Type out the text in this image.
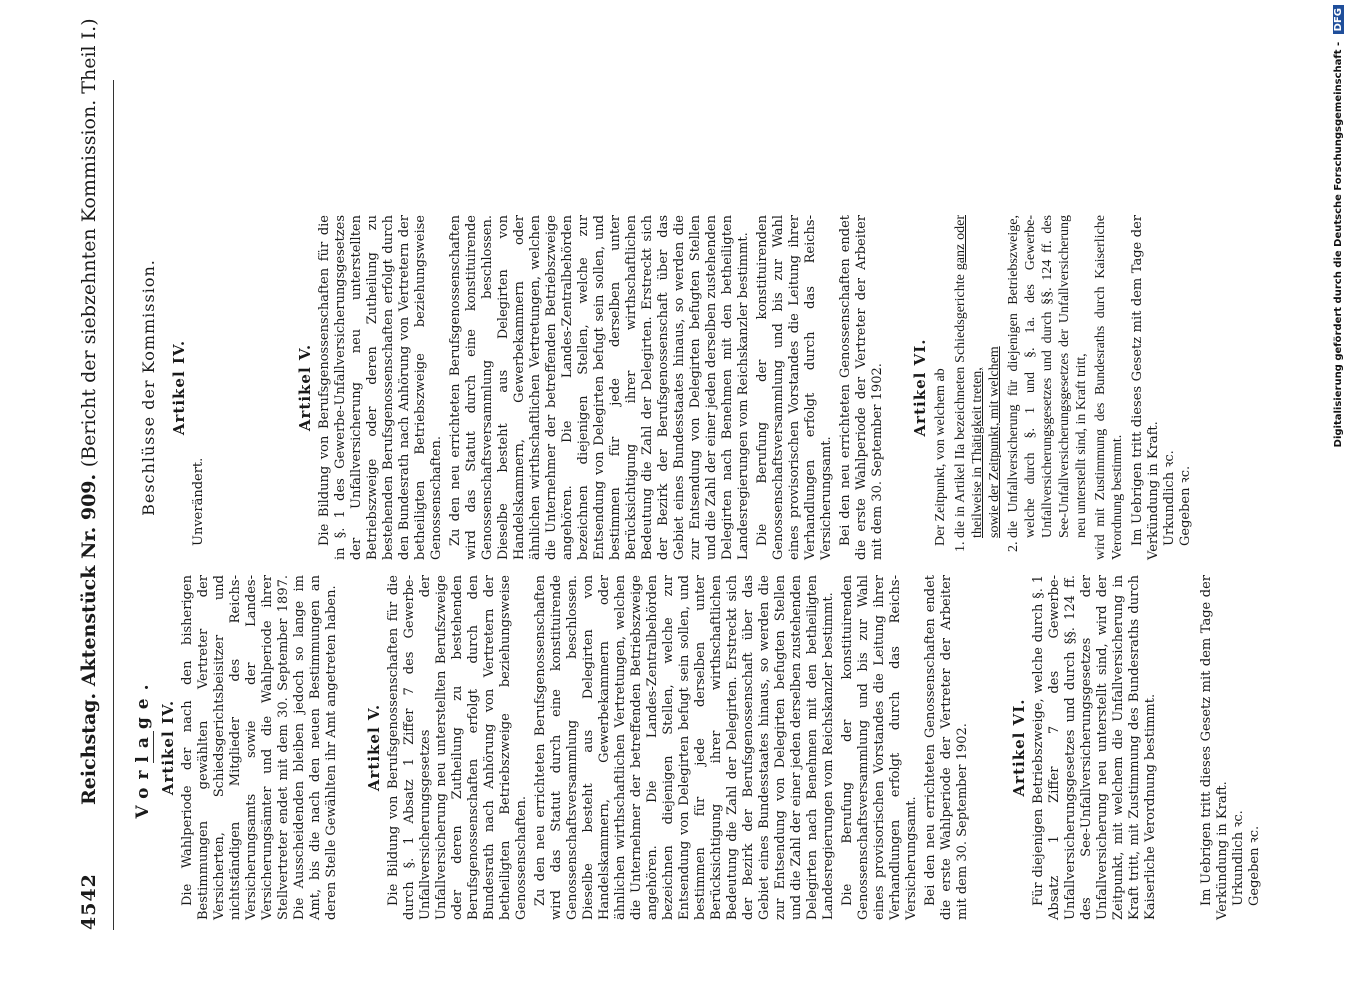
4542
Reichstag. Aktenstück Nr. 909. (Bericht der siebzehnten Kommission. Theil I.)
Vorlage. Artikel IV. Die Wahlperiode der nach den bisherigen Bestimmungen gewählten Vertreter der Versicherten, Schiedsgerichtsbeisitzer und nichtständigen Mitglieder des Reichs-Versicherungsamts sowie der Landes-Versicherungsämter und die Wahlperiode ihrer Stellvertreter endet mit dem 30. September 1897. Die Ausscheidenden bleiben jedoch so lange im Amt, bis die nach den neuen Bestimmungen an deren Stelle Gewählten ihr Amt angetreten haben. Artikel V. Die Bildung von Berufsgenossenschaften für die durch §. 1 Absatz 1 Ziffer 7 des Gewerbe-Unfallversicherungsgesetzes der Unfallversicherung neu unterstellten Berufszweige oder deren Zutheilung zu bestehenden Berufsgenossenschaften erfolgt durch den Bundesrath nach Anhörung von Vertretern der betheiligten Betriebszweige beziehungsweise Genossenschaften. Zu den neu errichteten Berufsgenossenschaften wird das Statut durch eine konstituirende Genossenschaftsversammlung beschlossen. Dieselbe besteht aus Delegirten von Handelskammern, Gewerbekammern oder ähnlichen wirthschaftlichen Vertretungen, welchen die Unternehmer der betreffenden Betriebszweige angehören. Die Landes-Zentralbehörden bezeichnen diejenigen Stellen, welche zur Entsendung von Delegirten befugt sein sollen, und bestimmen für jede derselben unter Berücksichtigung ihrer wirthschaftlichen Bedeutung die Zahl der Delegirten. Erstreckt sich der Bezirk der Berufsgenossenschaft über das Gebiet eines Bundesstaates hinaus, so werden die zur Entsendung von Delegirten befugten Stellen und die Zahl der einer jeden derselben zustehenden Delegirten nach Benehmen mit den betheiligten Landesregierungen vom Reichskanzler bestimmt. Die Berufung der konstituirenden Genossenschaftsversammlung und bis zur Wahl eines provisorischen Vorstandes die Leitung ihrer Verhandlungen erfolgt durch das Reichs-Versicherungsamt. Bei den neu errichteten Genossenschaften endet die erste Wahlperiode der Vertreter der Arbeiter mit dem 30. September 1902.	Artikel VI. Für diejenigen Betriebszweige, welche durch §. 1 Absatz 1 Ziffer 7 des Gewerbe-Unfallversicherungsgesetzes und durch §§. 124 ff. des See-Unfallversicherungsgesetzes der Unfallversicherung neu unterstellt sind, wird der Zeitpunkt, mit welchem die Unfallversicherung in Kraft tritt, mit Zustimmung des Bundesraths durch Kaiserliche Verordnung bestimmt.	Im Uebrigen tritt dieses Gesetz mit dem Tage der Verkündung in Kraft. Urkundlich ꝛc. Gegeben ꝛc.

Beschlüsse der Kommission. Artikel IV.

Unverändert.

Artikel V. Die Bildung von Berufsgenossenschaften für die in §. 1 des Gewerbe-Unfallversicherungsgesetzes der Unfallversicherung neu unterstellten Betriebszweige oder deren Zutheilung zu bestehenden Berufsgenossenschaften erfolgt durch den Bundesrath nach Anhörung von Vertretern der betheiligten Betriebszweige beziehungsweise Genossenschaften. Zu den neu errichteten Berufsgenossenschaften wird das Statut durch eine konstituirende Genossenschaftsversammlung beschlossen. Dieselbe besteht aus Delegirten von Handelskammern, Gewerbekammern oder ähnlichen wirthschaftlichen Vertretungen, welchen die Unternehmer der betreffenden Betriebszweige angehören. Die Landes-Zentralbehörden bezeichnen diejenigen Stellen, welche zur Entsendung von Delegirten befugt sein sollen, und bestimmen für jede derselben unter Berücksichtigung ihrer wirthschaftlichen Bedeutung die Zahl der Delegirten. Erstreckt sich der Bezirk der Berufsgenossenschaft über das Gebiet eines Bundesstaates hinaus, so werden die zur Entsendung von Delegirten befugten Stellen und die Zahl der einer jeden derselben zustehenden Delegirten nach Benehmen mit den betheiligten Landesregierungen vom Reichskanzler bestimmt. Die Berufung der konstituirenden Genossenschaftsversammlung und bis zur Wahl eines provisorischen Vorstandes die Leitung ihrer Verhandlungen erfolgt durch das Reichs-Versicherungsamt. Bei den neu errichteten Genossenschaften endet die erste Wahlperiode der Vertreter der Arbeiter mit dem 30. September 1902. Artikel VI. Der Zeitpunkt, von welchem ab 1. die in Artikel IIa bezeichneten Schiedsgerichte ganz oder theilweise in Thätigkeit treten, sowie der Zeitpunkt, mit welchem 2. die Unfallversicherung für diejenigen Betriebszweige, welche durch §. 1 und §. 1a. des Gewerbe-Unfallversicherungsgesetzes und durch §§. 124 ff. des See-Unfallversicherungsgesetzes der Unfallversicherung neu unterstellt sind, in Kraft tritt, wird mit Zustimmung des Bundesraths durch Kaiserliche Verordnung bestimmt. Im Uebrigen tritt dieses Gesetz mit dem Tage der Verkündung in Kraft. Urkundlich ꝛc. Gegeben ꝛc.

Digitalisierung gefördert durch die Deutsche Forschungsgemeinschaft - DFG
